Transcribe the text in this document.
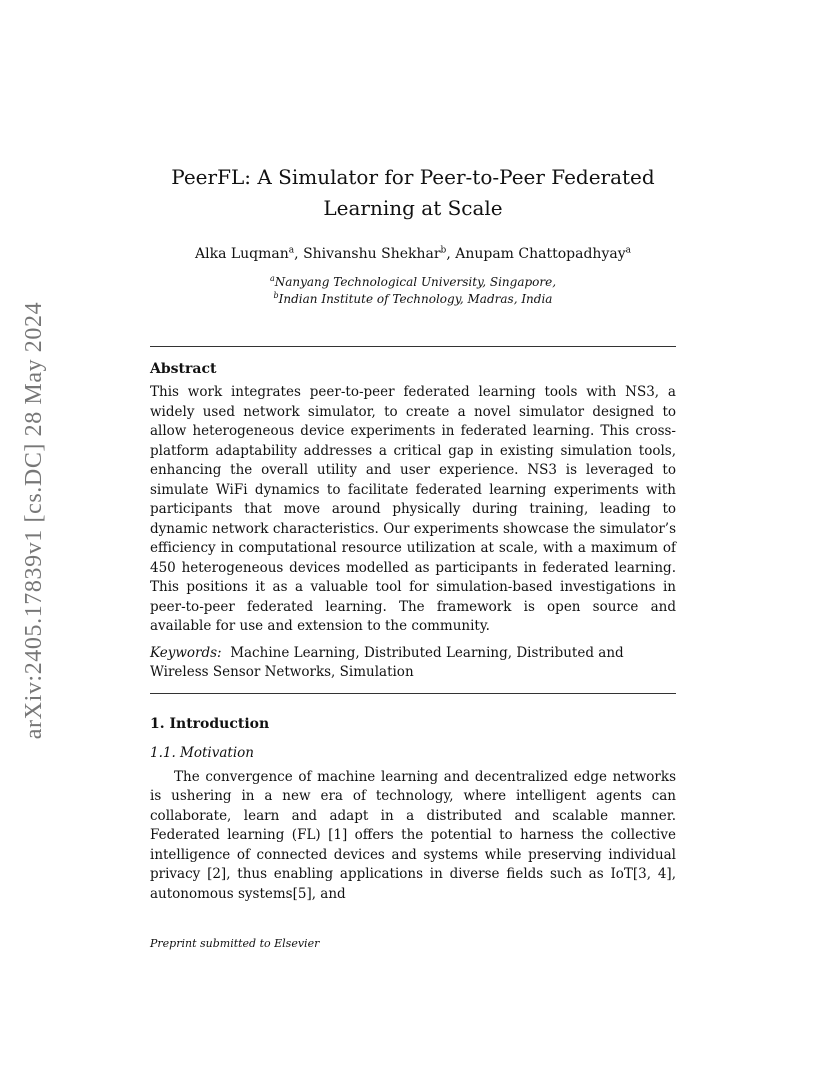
arXiv:2405.17839v1 [cs.DC] 28 May 2024
PeerFL: A Simulator for Peer-to-Peer Federated
Learning at Scale
Alka Luqman$^a$, Shivanshu Shekhar$^b$, Anupam Chattopadhyay$^a$
$^a$Nanyang Technological University, Singapore,
$^b$Indian Institute of Technology, Madras, India
Abstract

This work integrates peer-to-peer federated learning tools with NS3, a widely used network simulator, to create a novel simulator designed to allow heterogeneous device experiments in federated learning. This cross-platform adaptability addresses a critical gap in existing simulation tools, enhancing the overall utility and user experience. NS3 is leveraged to simulate WiFi dynamics to facilitate federated learning experiments with participants that move around physically during training, leading to dynamic network characteristics. Our experiments showcase the simulator’s efficiency in computational resource utilization at scale, with a maximum of 450 heterogeneous devices modelled as participants in federated learning. This positions it as a valuable tool for simulation-based investigations in peer-to-peer federated learning. The framework is open source and available for use and extension to the community.

Keywords: Machine Learning, Distributed Learning, Distributed and Wireless Sensor Networks, Simulation

1. Introduction
1.1. Motivation

The convergence of machine learning and decentralized edge networks is ushering in a new era of technology, where intelligent agents can collaborate, learn and adapt in a distributed and scalable manner. Federated learning (FL) [1] offers the potential to harness the collective intelligence of connected devices and systems while preserving individual privacy [2], thus enabling applications in diverse fields such as IoT[3, 4], autonomous systems[5], and

Preprint submitted to Elsevier
